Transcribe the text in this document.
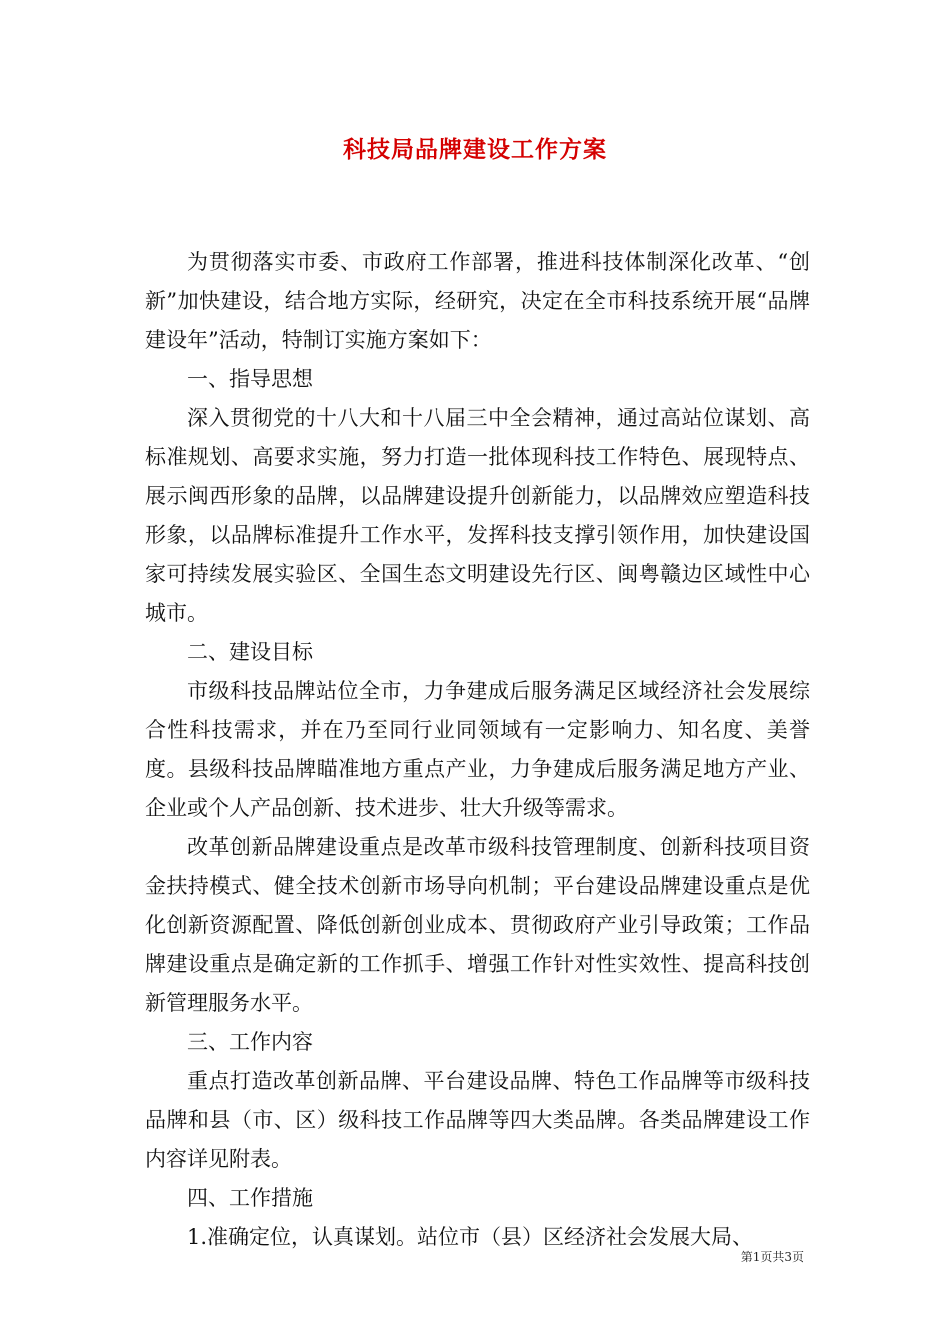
科技局品牌建设工作方案

为贯彻落实市委、市政府工作部署，推进科技体制深化改革、“创新”加快建设，结合地方实际，经研究，决定在全市科技系统开展“品牌建设年”活动，特制订实施方案如下：

一、指导思想

深入贯彻党的十八大和十八届三中全会精神，通过高站位谋划、高标准规划、高要求实施，努力打造一批体现科技工作特色、展现特点、展示闽西形象的品牌，以品牌建设提升创新能力，以品牌效应塑造科技形象，以品牌标准提升工作水平，发挥科技支撑引领作用，加快建设国家可持续发展实验区、全国生态文明建设先行区、闽粤赣边区域性中心城市。

二、建设目标

市级科技品牌站位全市，力争建成后服务满足区域经济社会发展综合性科技需求，并在乃至同行业同领域有一定影响力、知名度、美誉度。县级科技品牌瞄准地方重点产业，力争建成后服务满足地方产业、企业或个人产品创新、技术进步、壮大升级等需求。

改革创新品牌建设重点是改革市级科技管理制度、创新科技项目资金扶持模式、健全技术创新市场导向机制；平台建设品牌建设重点是优化创新资源配置、降低创新创业成本、贯彻政府产业引导政策；工作品牌建设重点是确定新的工作抓手、增强工作针对性实效性、提高科技创新管理服务水平。

三、工作内容

重点打造改革创新品牌、平台建设品牌、特色工作品牌等市级科技品牌和县（市、区）级科技工作品牌等四大类品牌。各类品牌建设工作内容详见附表。

四、工作措施

1.准确定位，认真谋划。站位市（县）区经济社会发展大局、

第1页共3页
